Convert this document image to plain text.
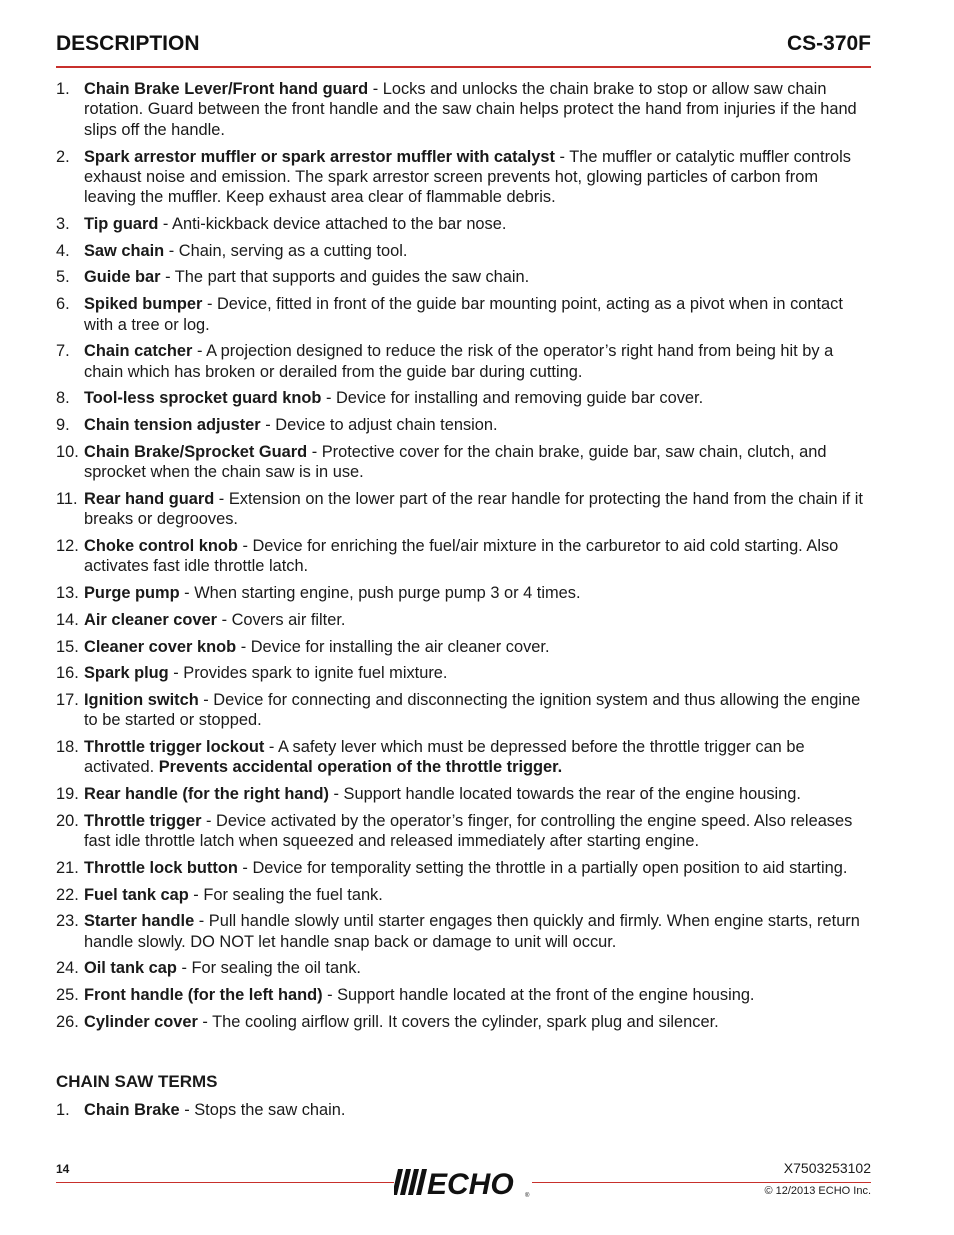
DESCRIPTION	CS-370F
1. Chain Brake Lever/Front hand guard - Locks and unlocks the chain brake to stop or allow saw chain rotation. Guard between the front handle and the saw chain helps protect the hand from injuries if the hand slips off the handle.
2. Spark arrestor muffler or spark arrestor muffler with catalyst - The muffler or catalytic muffler controls exhaust noise and emission. The spark arrestor screen prevents hot, glowing particles of carbon from leaving the muffler. Keep exhaust area clear of flammable debris.
3. Tip guard - Anti-kickback device attached to the bar nose.
4. Saw chain - Chain, serving as a cutting tool.
5. Guide bar - The part that supports and guides the saw chain.
6. Spiked bumper - Device, fitted in front of the guide bar mounting point, acting as a pivot when in contact with a tree or log.
7. Chain catcher - A projection designed to reduce the risk of the operator’s right hand from being hit by a chain which has broken or derailed from the guide bar during cutting.
8. Tool-less sprocket guard knob - Device for installing and removing guide bar cover.
9. Chain tension adjuster - Device to adjust chain tension.
10. Chain Brake/Sprocket Guard - Protective cover for the chain brake, guide bar, saw chain, clutch, and sprocket when the chain saw is in use.
11. Rear hand guard - Extension on the lower part of the rear handle for protecting the hand from the chain if it breaks or degrooves.
12. Choke control knob - Device for enriching the fuel/air mixture in the carburetor to aid cold starting. Also activates fast idle throttle latch.
13. Purge pump - When starting engine, push purge pump 3 or 4 times.
14. Air cleaner cover - Covers air filter.
15. Cleaner cover knob - Device for installing the air cleaner cover.
16. Spark plug - Provides spark to ignite fuel mixture.
17. Ignition switch - Device for connecting and disconnecting the ignition system and thus allowing the engine to be started or stopped.
18. Throttle trigger lockout - A safety lever which must be depressed before the throttle trigger can be activated. Prevents accidental operation of the throttle trigger.
19. Rear handle (for the right hand) - Support handle located towards the rear of the engine housing.
20. Throttle trigger - Device activated by the operator’s finger, for controlling the engine speed. Also releases fast idle throttle latch when squeezed and released immediately after starting engine.
21. Throttle lock button - Device for temporality setting the throttle in a partially open position to aid starting.
22. Fuel tank cap - For sealing the fuel tank.
23. Starter handle - Pull handle slowly until starter engages then quickly and firmly. When engine starts, return handle slowly. DO NOT let handle snap back or damage to unit will occur.
24. Oil tank cap - For sealing the oil tank.
25. Front handle (for the left hand) - Support handle located at the front of the engine housing.
26. Cylinder cover - The cooling airflow grill. It covers the cylinder, spark plug and silencer.
CHAIN SAW TERMS
1. Chain Brake - Stops the saw chain.
14	X7503253102
© 12/2013 ECHO Inc.
ECHO ®
